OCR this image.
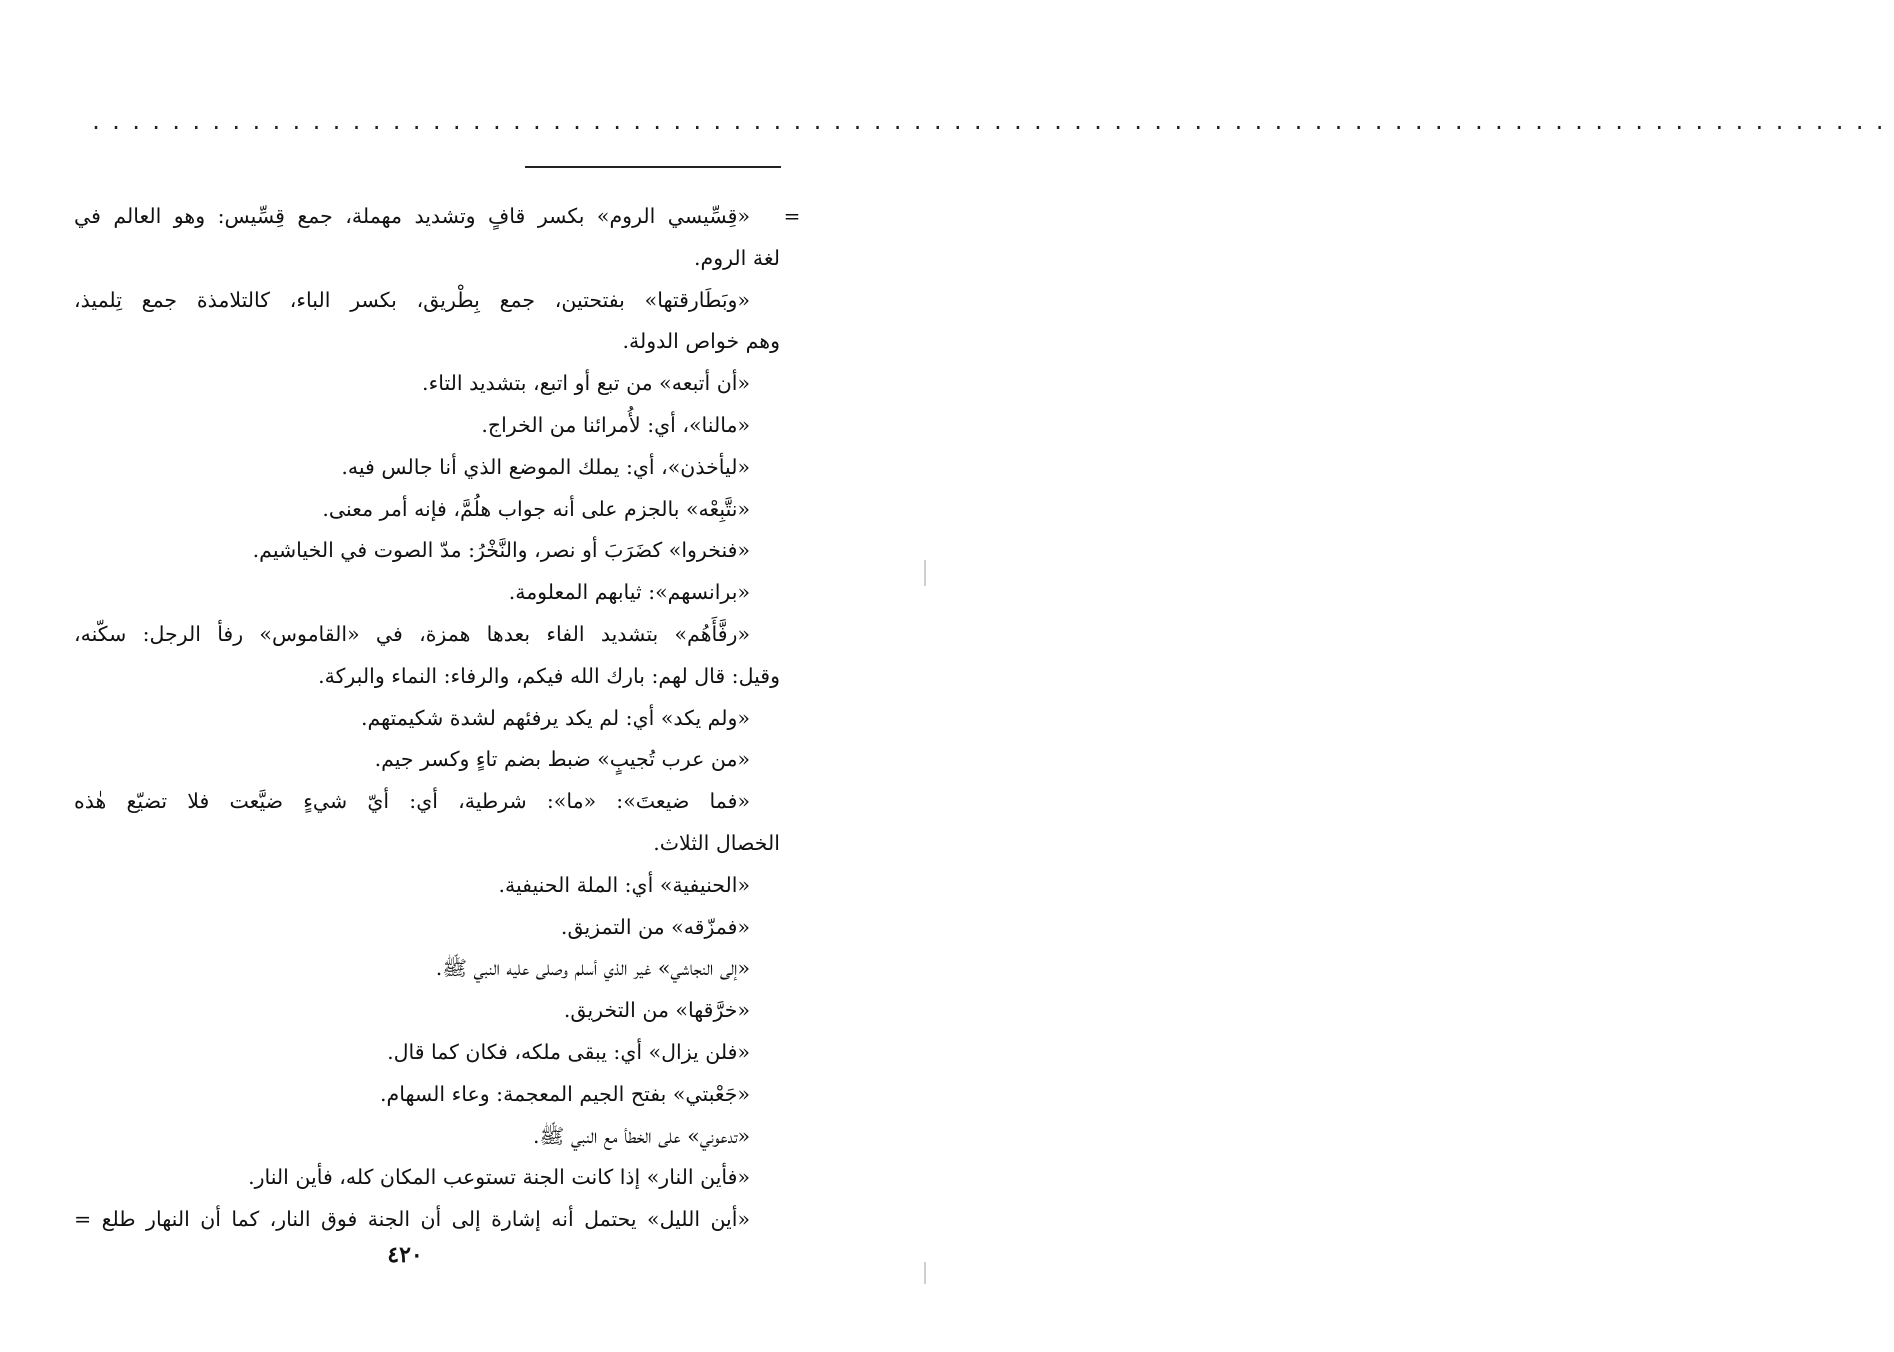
..........................................................................................
=
«قِسِّيسي الروم» بكسر قافٍ وتشديد مهملة، جمع قِسِّيس: وهو العالم في
لغة الروم.
«وبَطَارقتها» بفتحتين، جمع بِطْريق، بكسر الباء، كالتلامذة جمع تِلميذ،
وهم خواص الدولة.
«أن أتبعه» من تبع أو اتبع، بتشديد التاء.
«مالنا»، أي: لأُمرائنا من الخراج.
«ليأخذن»، أي: يملك الموضع الذي أنا جالس فيه.
«نتَّبِعْه» بالجزم على أنه جواب هلُمَّ، فإنه أمر معنى.
«فنخروا» كضَرَبَ أو نصر، والنَّخْرُ: مدّ الصوت في الخياشيم.
«برانسهم»: ثيابهم المعلومة.
«رفَّأَهُم» بتشديد الفاء بعدها همزة، في «القاموس» رفأ الرجل: سكّنه،
وقيل: قال لهم: بارك الله فيكم، والرفاء: النماء والبركة.
«ولم يكد» أي: لم يكد يرفئهم لشدة شكيمتهم.
«من عرب تُجيبٍ» ضبط بضم تاءٍ وكسر جيم.
«فما ضيعتَ»: «ما»: شرطية، أي: أيّ شيءٍ ضيَّعت فلا تضيّع هٰذه
الخصال الثلاث.
«الحنيفية» أي: الملة الحنيفية.
«فمزّقه» من التمزيق.
«إلى النجاشي» غير الذي أسلم وصلى عليه النبي ﷺ.
«خرَّقها» من التخريق.
«فلن يزال» أي: يبقى ملكه، فكان كما قال.
«جَعْبتي» بفتح الجيم المعجمة: وعاء السهام.
«تدعوني» على الخطأ مع النبي ﷺ.
«فأين النار» إذا كانت الجنة تستوعب المكان كله، فأين النار.
«أين الليل» يحتمل أنه إشارة إلى أن الجنة فوق النار، كما أن النهار طلع =
٤٢٠
